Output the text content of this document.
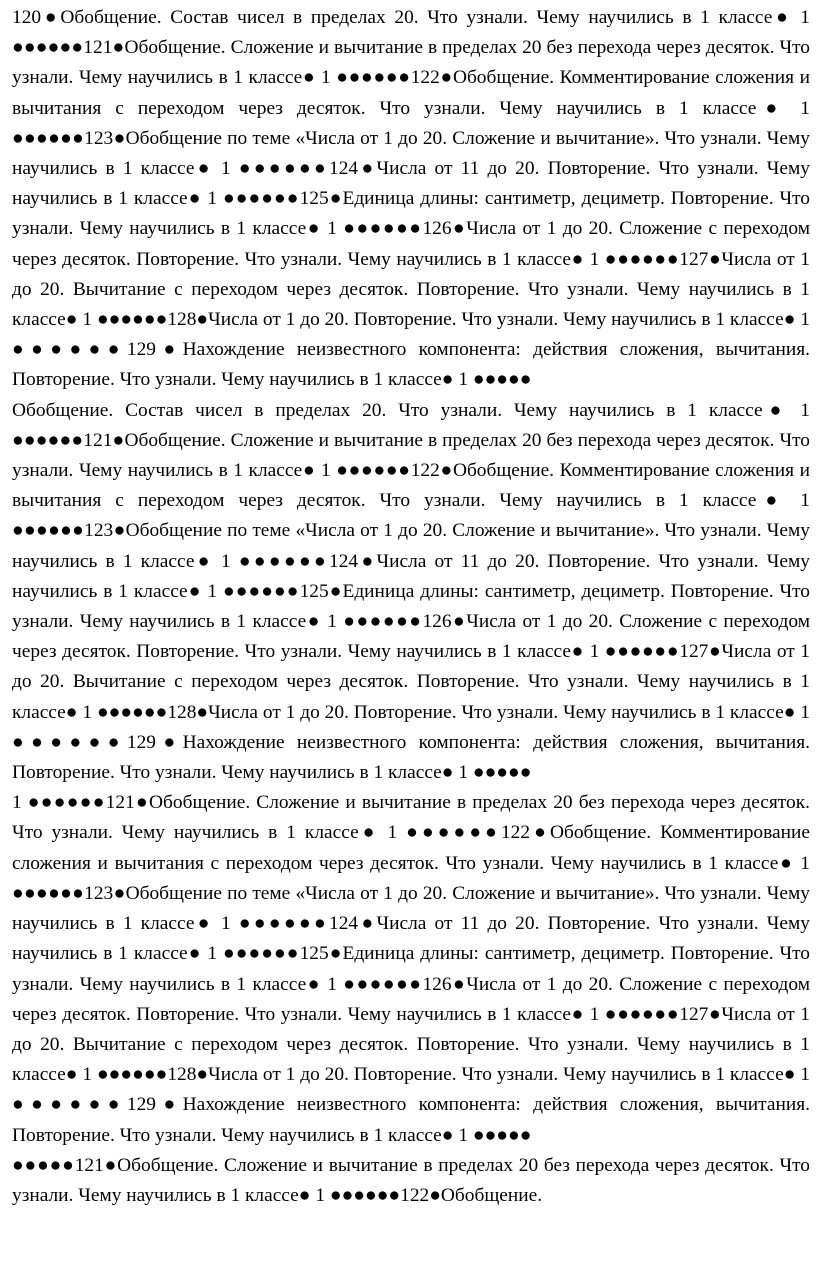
120●Обобщение. Состав чисел в пределах 20. Что узнали. Чему научились в 1 классе● 1 ●●●●●●121●Обобщение. Сложение и вычитание в пределах 20 без перехода через десяток. Что узнали. Чему научились в 1 классе● 1 ●●●●●●122●Обобщение. Комментирование сложения и вычитания с переходом через десяток. Что узнали. Чему научились в 1 классе● 1 ●●●●●●123●Обобщение по теме «Числа от 1 до 20. Сложение и вычитание». Что узнали. Чему научились в 1 классе● 1 ●●●●●●124●Числа от 11 до 20. Повторение. Что узнали. Чему научились в 1 классе● 1 ●●●●●●125●Единица длины: сантиметр, дециметр. Повторение. Что узнали. Чему научились в 1 классе● 1 ●●●●●●126●Числа от 1 до 20. Сложение с переходом через десяток. Повторение. Что узнали. Чему научились в 1 классе● 1 ●●●●●●127●Числа от 1 до 20. Вычитание с переходом через десяток. Повторение. Что узнали. Чему научились в 1 классе● 1 ●●●●●●128●Числа от 1 до 20. Повторение. Что узнали. Чему научились в 1 классе● 1 ●●●●●●129●Нахождение неизвестного компонента: действия сложения, вычитания. Повторение. Что узнали. Чему научились в 1 классе● 1 ●●●●●

Обобщение. Состав чисел в пределах 20. Что узнали. Чему научились в 1 классе● 1 ●●●●●●121●Обобщение. Сложение и вычитание в пределах 20 без перехода через десяток. Что узнали. Чему научились в 1 классе● 1 ●●●●●●122●Обобщение. Комментирование сложения и вычитания с переходом через десяток. Что узнали. Чему научились в 1 классе● 1 ●●●●●●123●Обобщение по теме «Числа от 1 до 20. Сложение и вычитание». Что узнали. Чему научились в 1 классе● 1 ●●●●●●124●Числа от 11 до 20. Повторение. Что узнали. Чему научились в 1 классе● 1 ●●●●●●125●Единица длины: сантиметр, дециметр. Повторение. Что узнали. Чему научились в 1 классе● 1 ●●●●●●126●Числа от 1 до 20. Сложение с переходом через десяток. Повторение. Что узнали. Чему научились в 1 классе● 1 ●●●●●●127●Числа от 1 до 20. Вычитание с переходом через десяток. Повторение. Что узнали. Чему научились в 1 классе● 1 ●●●●●●128●Числа от 1 до 20. Повторение. Что узнали. Чему научились в 1 классе● 1 ●●●●●●129●Нахождение неизвестного компонента: действия сложения, вычитания. Повторение. Что узнали. Чему научились в 1 классе● 1 ●●●●●

1 ●●●●●●121●Обобщение. Сложение и вычитание в пределах 20 без перехода через десяток. Что узнали. Чему научились в 1 классе● 1 ●●●●●●122●Обобщение. Комментирование сложения и вычитания с переходом через десяток. Что узнали. Чему научились в 1 классе● 1 ●●●●●●123●Обобщение по теме «Числа от 1 до 20. Сложение и вычитание». Что узнали. Чему научились в 1 классе● 1 ●●●●●●124●Числа от 11 до 20. Повторение. Что узнали. Чему научились в 1 классе● 1 ●●●●●●125●Единица длины: сантиметр, дециметр. Повторение. Что узнали. Чему научились в 1 классе● 1 ●●●●●●126●Числа от 1 до 20. Сложение с переходом через десяток. Повторение. Что узнали. Чему научились в 1 классе● 1 ●●●●●●127●Числа от 1 до 20. Вычитание с переходом через десяток. Повторение. Что узнали. Чему научились в 1 классе● 1 ●●●●●●128●Числа от 1 до 20. Повторение. Что узнали. Чему научились в 1 классе● 1 ●●●●●●129●Нахождение неизвестного компонента: действия сложения, вычитания. Повторение. Что узнали. Чему научились в 1 классе● 1 ●●●●●

●●●●●121●Обобщение. Сложение и вычитание в пределах 20 без перехода через десяток. Что узнали. Чему научились в 1 классе● 1 ●●●●●●122●Обобщение.
